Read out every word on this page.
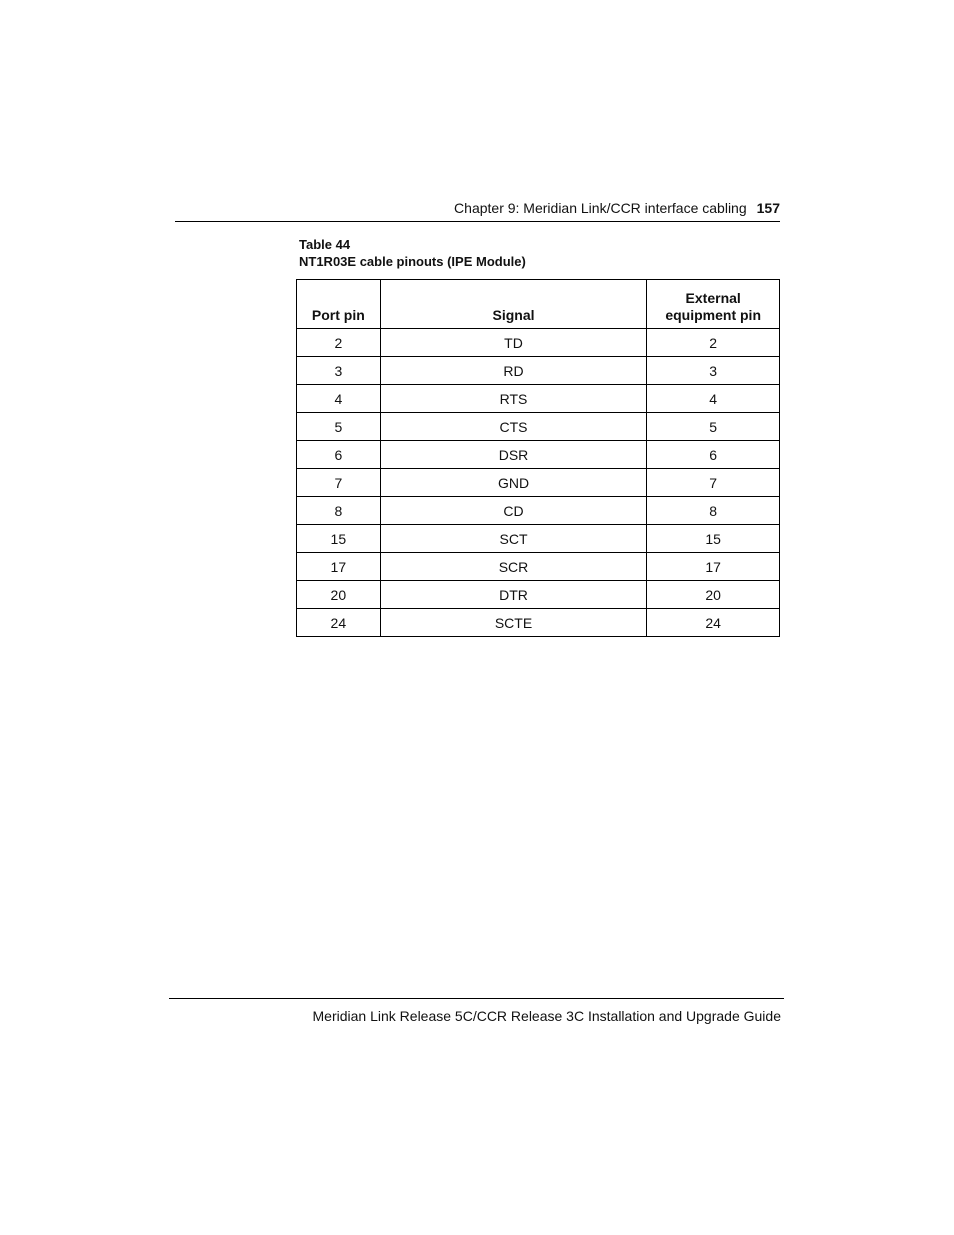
Chapter 9: Meridian Link/CCR interface cabling 157
Table 44
NT1R03E cable pinouts (IPE Module)
Port pin	Signal	External equipment pin
2	TD	2
3	RD	3
4	RTS	4
5	CTS	5
6	DSR	6
7	GND	7
8	CD	8
15	SCT	15
17	SCR	17
20	DTR	20
24	SCTE	24
Meridian Link Release 5C/CCR Release 3C Installation and Upgrade Guide
